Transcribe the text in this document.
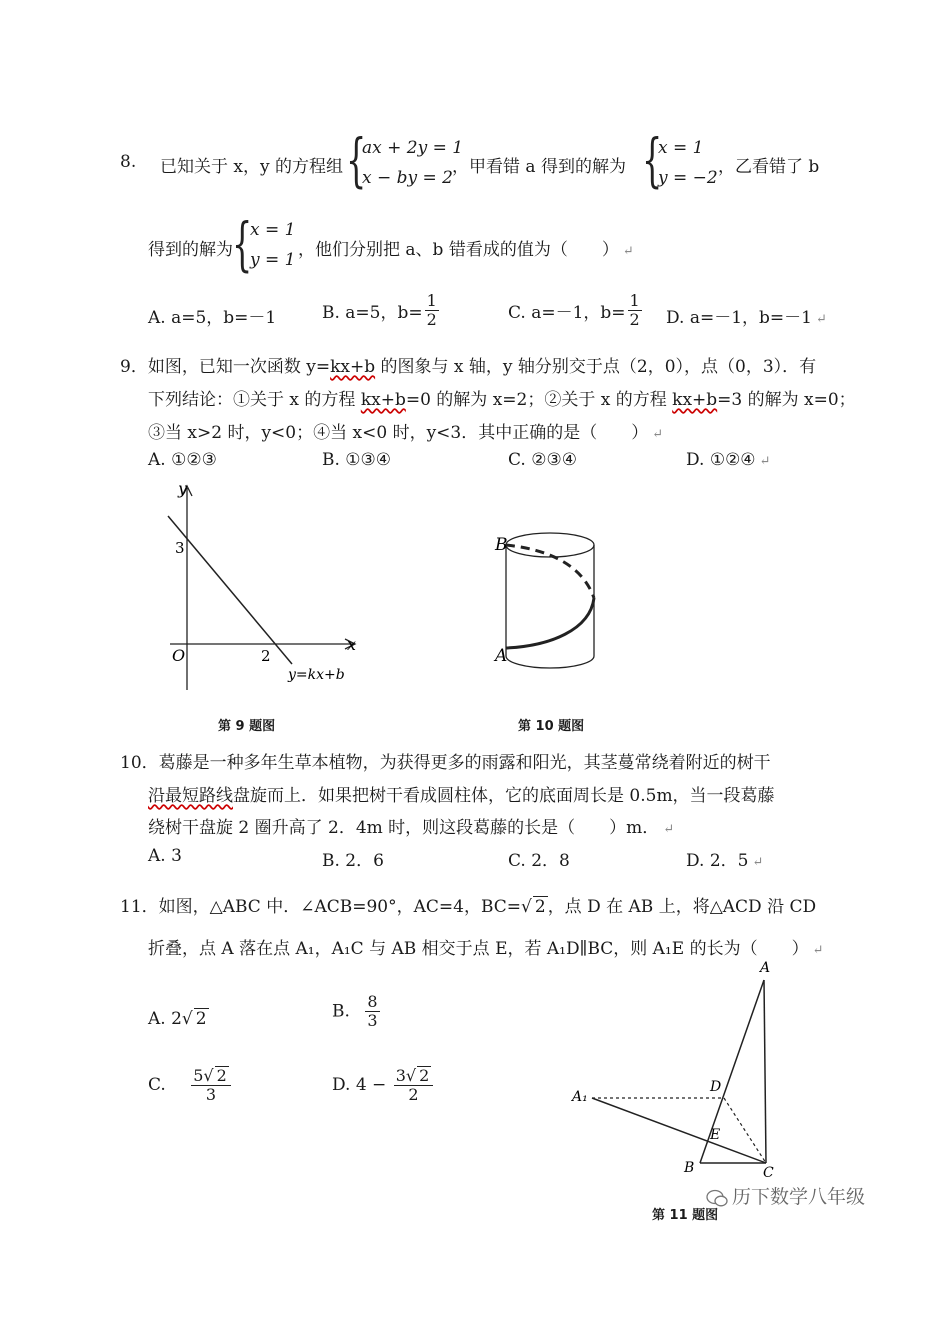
8. 已知关于 x，y 的方程组 {
ax + 2y = 1
x − by = 2
，甲看错 a 得到的解为 {
x = 1
y = −2
，乙看错了 b
得到的解为 {
x = 1
y = 1 ，他们分别把 a、b 错看成的值为（　　） ↵
A. a=5，b=－1	B. a=5，$b= \frac{1}{2}$	C. a=－1，$b= \frac{1}{2} D$. a=－1，b=－1 ↵
9．如图，已知一次函数 y=kx+b 的图象与 x 轴，y 轴分别交于点（2，0），点（0，3）．有
下列结论：①关于 x 的方程 kx+b=0 的解为 x=2；②关于 x 的方程 kx+b=3 的解为 x=0；
③当 x>2 时，y<0；④当 x<0 时，y<3．其中正确的是（　　） ↵
A. ①②③	B. ①③④	C. ②③④	D. ①②④ ↵
y
x
O
3
2
y=kx+b
第 9 题图
B
A
第 10 题图
10．葛藤是一种多年生草本植物，为获得更多的雨露和阳光，其茎蔓常绕着附近的树干
沿最短路线盘旋而上．如果把树干看成圆柱体，它的底面周长是 0.5m，当一段葛藤
绕树干盘旋 2 圈升高了 2．4m 时，则这段葛藤的长是（　　）m． ↵
A. 3	B. 2．6	C. 2．8	D. 2．5 ↵
11．如图，△ABC 中．∠ACB=90°，AC=4，BC=√ 2 ，点 D 在 AB 上，将△ACD 沿 CD
折叠，点 A 落在点 A₁，A₁C 与 AB 相交于点 E，若 A₁D∥BC，则 A₁E 的长为（　　） ↵
A. 2√ 2	B. $\frac{8}{3}$
C. $\frac{5√ 2}{3}$	D. $4 - \frac{3√ 2}{2}$
A
A₁
D
E
B	C
第 11 题图
历下数学八年级
